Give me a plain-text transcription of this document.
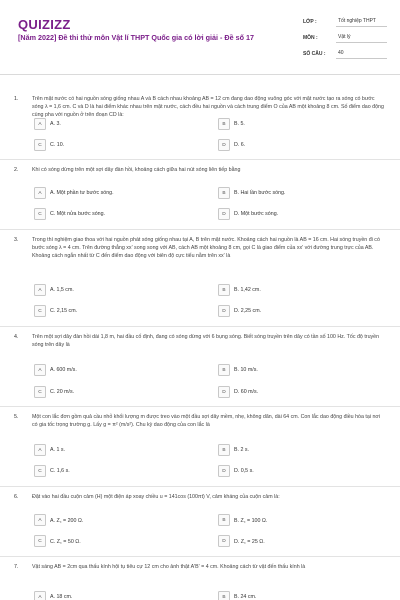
QUIZIZZ
[Năm 2022] Đề thi thử môn Vật lí THPT Quốc gia có lời giải - Đề số 17
LỚP :	Tốt nghiệp THPT
MÔN :	Vật lý
SỐ CÂU :	40
1.	Trên mặt nước có hai nguồn sóng giống nhau A và B cách nhau khoảng AB = 12 cm đang dao động vuông góc với mặt nước tạo ra sóng có bước sóng λ = 1,6 cm. C và D là hai điểm khác nhau trên mặt nước, cách đều hai nguồn và cách trung điểm O của AB một khoảng 8 cm. Số điểm dao động cùng pha với nguồn ở trên đoạn CD là:

A	A. 3.	B	B. 5.
C	C. 10.	D	D. 6.
2.	Khi có sóng dừng trên một sợi dây đàn hồi, khoảng cách giữa hai nút sóng liên tiếp bằng

A	A. Một phần tư bước sóng.	B	B. Hai lần bước sóng.
C	C. Một nửa bước sóng.	D	D. Một bước sóng.
3.	Trong thí nghiệm giao thoa với hai nguồn phát sóng giống nhau tại A, B trên mặt nước. Khoảng cách hai nguồn là AB = 16 cm. Hai sóng truyền đi có bước sóng λ = 4 cm. Trên đường thẳng xx' song song với AB, cách AB một khoảng 8 cm, gọi C là giao điểm của xx' với đường trung trực của AB. Khoảng cách ngắn nhất từ C đến điểm dao động với biên độ cực tiểu nằm trên xx' là

A	A. 1,5 cm.	B	B. 1,42 cm.
C	C. 2,15 cm.	D	D. 2,25 cm.
4.	Trên một sợi dây đàn hồi dài 1,8 m, hai đầu cố định, đang có sóng dừng với 6 bụng sóng. Biết sóng truyền trên dây có tần số 100 Hz. Tốc độ truyền sóng trên dây là

A	A. 600 m/s.	B	B. 10 m/s.
C	C. 20 m/s.	D	D. 60 m/s.
5.	Một con lắc đơn gồm quả cầu nhỏ khối lượng m được treo vào một đầu sợi dây mềm, nhẹ, không dãn, dài 64 cm. Con lắc dao động điều hòa tại nơi có gia tốc trọng trường g. Lấy g = π² (m/s²). Chu kỳ dao động của con lắc là

A	A. 1 s.	B	B. 2 s.
C	C. 1,6 s.	D	D. 0,5 s.
6.	Đặt vào hai đầu cuộn cảm (H) một điện áp xoay chiều u = 141cos (100πt) V, cảm kháng của cuộn cảm là:

A	A. Z꜀ = 200 Ω.	B	B. Z꜀ = 100 Ω.
C	C. Z꜀ = 50 Ω.	D	D. Z꜀ = 25 Ω.
7.	Vật sáng AB = 2cm qua thấu kính hội tụ tiêu cự 12 cm cho ảnh thật A'B' = 4 cm. Khoảng cách từ vật đến thấu kính là

A	A. 18 cm.	B	B. 24 cm.
